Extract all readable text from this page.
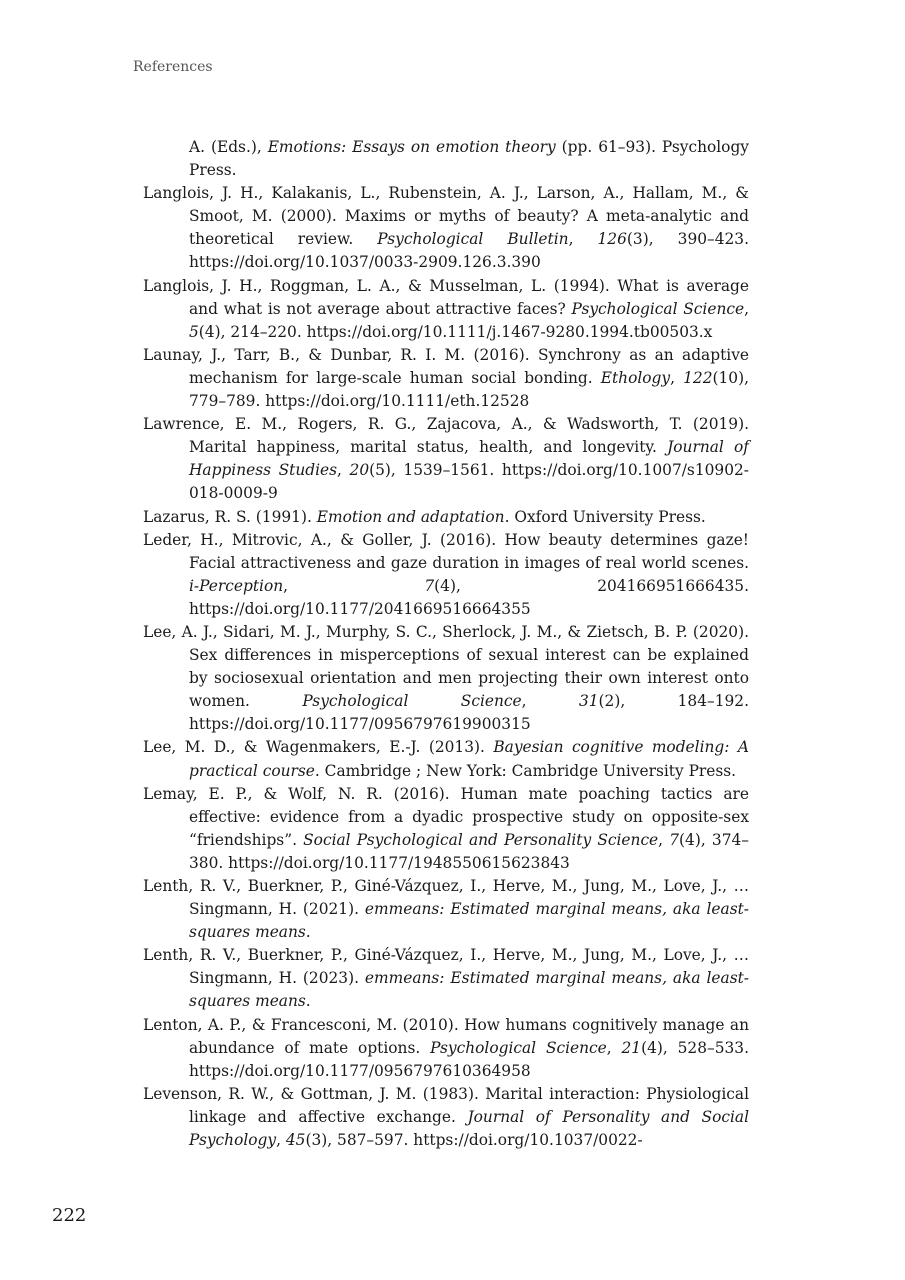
References

A. (Eds.), Emotions: Essays on emotion theory (pp. 61–93). Psychology Press.

Langlois, J. H., Kalakanis, L., Rubenstein, A. J., Larson, A., Hallam, M., & Smoot, M. (2000). Maxims or myths of beauty? A meta-analytic and theoretical review. Psychological Bulletin, 126(3), 390–423. https://doi.org/10.1037/0033-2909.126.3.390

Langlois, J. H., Roggman, L. A., & Musselman, L. (1994). What is average and what is not average about attractive faces? Psychological Science, 5(4), 214–220. https://doi.org/10.1111/j.1467-9280.1994.tb00503.x

Launay, J., Tarr, B., & Dunbar, R. I. M. (2016). Synchrony as an adaptive mechanism for large-scale human social bonding. Ethology, 122(10), 779–789. https://doi.org/10.1111/eth.12528

Lawrence, E. M., Rogers, R. G., Zajacova, A., & Wadsworth, T. (2019). Marital happiness, marital status, health, and longevity. Journal of Happiness Studies, 20(5), 1539–1561. https://doi.org/10.1007/s10902-018-0009-9

Lazarus, R. S. (1991). Emotion and adaptation. Oxford University Press.

Leder, H., Mitrovic, A., & Goller, J. (2016). How beauty determines gaze! Facial attractiveness and gaze duration in images of real world scenes. i-Perception, 7(4), 204166951666435. https://doi.org/10.1177/2041669516664355

Lee, A. J., Sidari, M. J., Murphy, S. C., Sherlock, J. M., & Zietsch, B. P. (2020). Sex differences in misperceptions of sexual interest can be explained by sociosexual orientation and men projecting their own interest onto women. Psychological Science, 31(2), 184–192. https://doi.org/10.1177/0956797619900315

Lee, M. D., & Wagenmakers, E.-J. (2013). Bayesian cognitive modeling: A practical course. Cambridge ; New York: Cambridge University Press.

Lemay, E. P., & Wolf, N. R. (2016). Human mate poaching tactics are effective: evidence from a dyadic prospective study on opposite-sex “friendships”. Social Psychological and Personality Science, 7(4), 374–380. https://doi.org/10.1177/1948550615623843

Lenth, R. V., Buerkner, P., Giné-Vázquez, I., Herve, M., Jung, M., Love, J., … Singmann, H. (2021). emmeans: Estimated marginal means, aka least-squares means.

Lenth, R. V., Buerkner, P., Giné-Vázquez, I., Herve, M., Jung, M., Love, J., … Singmann, H. (2023). emmeans: Estimated marginal means, aka least-squares means.

Lenton, A. P., & Francesconi, M. (2010). How humans cognitively manage an abundance of mate options. Psychological Science, 21(4), 528–533. https://doi.org/10.1177/0956797610364958

Levenson, R. W., & Gottman, J. M. (1983). Marital interaction: Physiological linkage and affective exchange. Journal of Personality and Social Psychology, 45(3), 587–597. https://doi.org/10.1037/0022-

222
